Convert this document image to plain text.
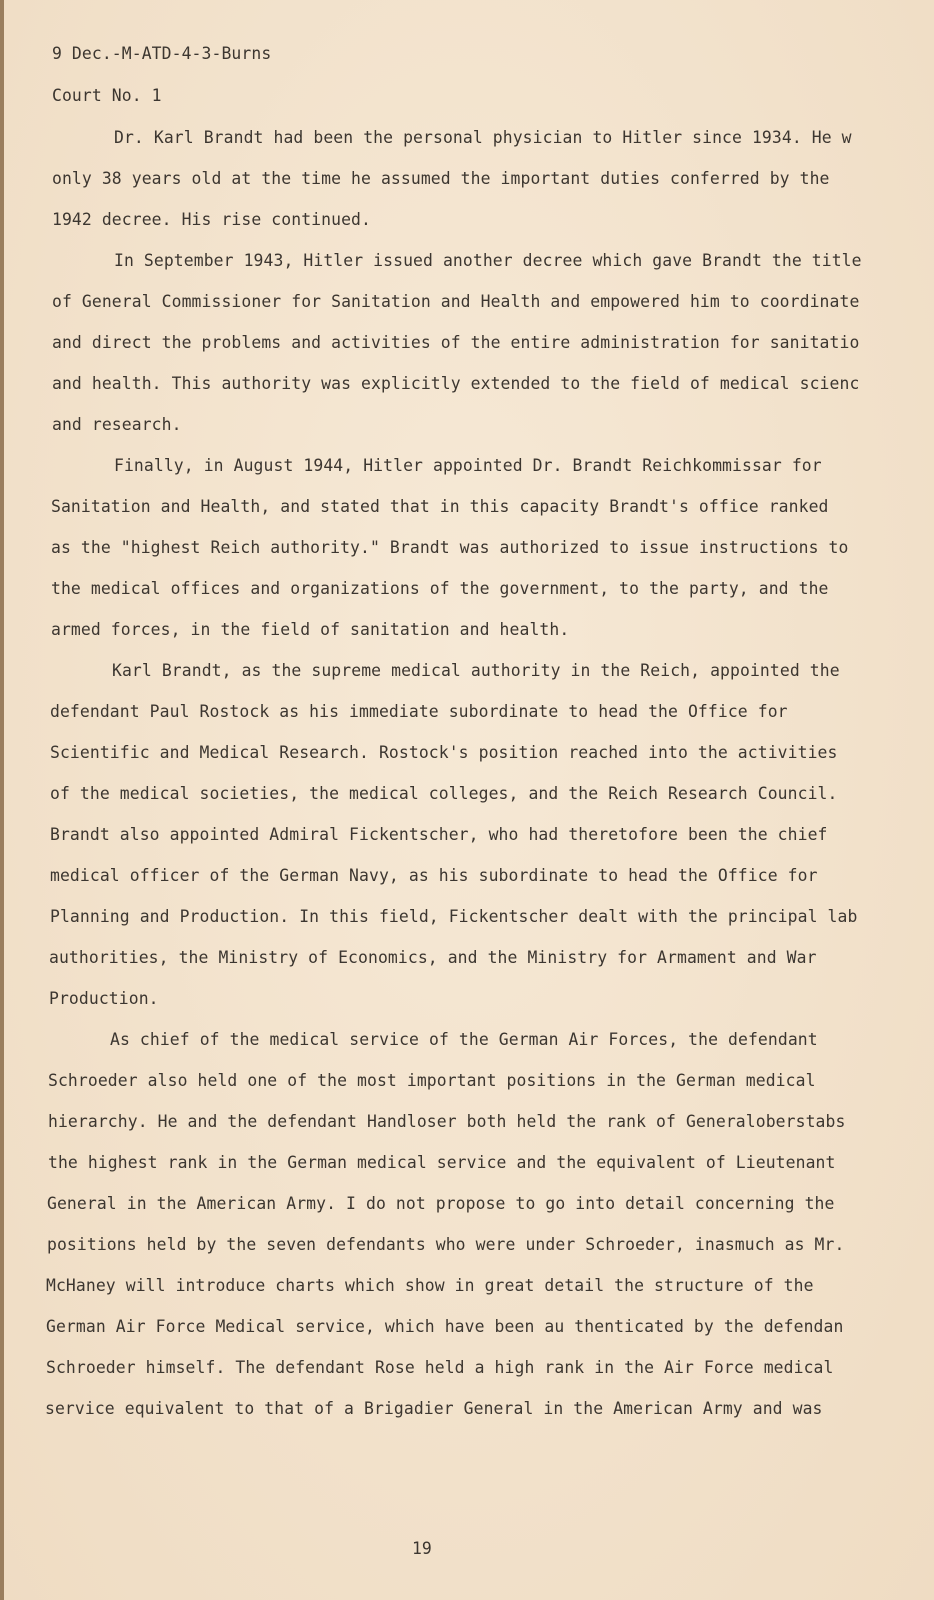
9 Dec.-M-ATD-4-3-Burns
Court No. 1
Dr. Karl Brandt had been the personal physician to Hitler since 1934. He w
only 38 years old at the time he assumed the important duties conferred by the
1942 decree. His rise continued.
In September 1943, Hitler issued another decree which gave Brandt the title
of General Commissioner for Sanitation and Health and empowered him to coordinate
and direct the problems and activities of the entire administration for sanitatio
and health. This authority was explicitly extended to the field of medical scienc
and research.
Finally, in August 1944, Hitler appointed Dr. Brandt Reichkommissar for
Sanitation and Health, and stated that in this capacity Brandt's office ranked
as the "highest Reich authority." Brandt was authorized to issue instructions to
the medical offices and organizations of the government, to the party, and the
armed forces, in the field of sanitation and health.
Karl Brandt, as the supreme medical authority in the Reich, appointed the
defendant Paul Rostock as his immediate subordinate to head the Office for
Scientific and Medical Research. Rostock's position reached into the activities
of the medical societies, the medical colleges, and the Reich Research Council.
Brandt also appointed Admiral Fickentscher, who had theretofore been the chief
medical officer of the German Navy, as his subordinate to head the Office for
Planning and Production. In this field, Fickentscher dealt with the principal lab
authorities, the Ministry of Economics, and the Ministry for Armament and War
Production.
As chief of the medical service of the German Air Forces, the defendant
Schroeder also held one of the most important positions in the German medical
hierarchy. He and the defendant Handloser both held the rank of Generaloberstabs
the highest rank in the German medical service and the equivalent of Lieutenant
General in the American Army. I do not propose to go into detail concerning the
positions held by the seven defendants who were under Schroeder, inasmuch as Mr.
McHaney will introduce charts which show in great detail the structure of the
German Air Force Medical service, which have been au thenticated by the defendan
Schroeder himself. The defendant Rose held a high rank in the Air Force medical
service equivalent to that of a Brigadier General in the American Army and was
19
